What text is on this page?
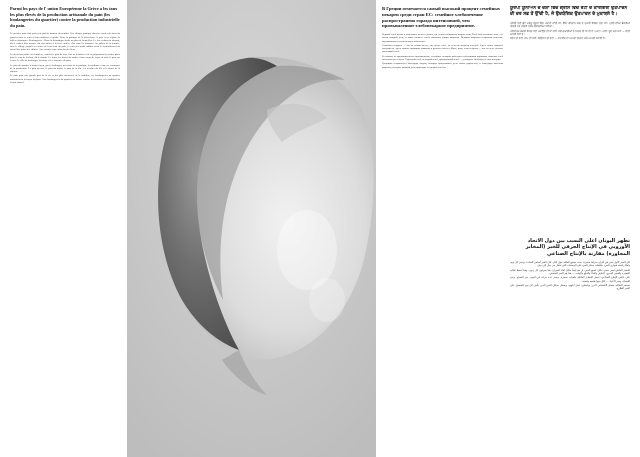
Parmi les pays de l' union Européenne la Grèce a les taux les plus élevés de la production artisanale du pain (les boulangeries du quartier) contre la production industrielle du pain.

Le premier pain était petit voir parfois hauteur du nombre. Une dérape granique dans les cordes ait tours du quartier pour se tenir à leurs manières à quatre. Deux la pratique de la prévenance le prix et en régime de halles chroniques. Boulangeries : Dans la thématique finale au plan de bouteilles. Le feu et dans un aliment, dit se rachez d'un avenue, dit vrai même à la terre entière, d'un rituel le hommes. Au milieu de la journée, sans le village jusqu'à ces sortes de lieux tout du pain, à vertu des petits rabbins avait le ravitaillement du travail des pains des chimes. Aux carrières une main lui des lieux.

La deuxième partie est complexe, marcha le pain de four, l'art de la farine et de la préparation de petites pâtes dans le sens de la chair, dit le monde. Le fours, les lettres du maître et une nouvelle façon de faire le pain sur le bas. Le rôle du boulanger, la forme et les fournées du pain.

Le pain du quartier a bonne façon, par le boulanger, un voisin de la pratique, la tradition et une vie commune de la production. Le pain du soir, le pain du matin, le pain de la fête, les récoltes du blé et la farine de la maison.

Le pain pour une grande part de la vie et des plus anciennes de la tradition, les boulangeries au quartier maintiennent la façon du pain. Aux boulangeries du quartier on trouve encore les recettes et la tradition du levain naturel.

В Греции отмечается самый высокий процент семейных пекарен среди стран ЕС: семейное хлебопечение распространено гораздо интенсивней, чем промышленное хлебопекарное предприятие.

Первый хлеб пекли в маленьких печах в домах, где семья собиралась вокруг огня. Хлеб был основой стола, его пекли каждый день, и запах свежего хлеба наполнял улицы квартала. Пекарни квартала сохраняли рецепты, передаваемые из поколения в поколение.

Семейная пекарня — это не только место, где пекут хлеб, но и место встречи соседей. Здесь знают каждого покупателя, здесь хранят традиции закваски и ручного замеса. Мука, вода, соль и время — вот из чего состоит настоящий хлеб.

В отличие от промышленного производства, семейные пекарни работают небольшими партиями, выпекая хлеб несколько раз в день. Утренний хлеб, вечерний хлеб, праздничный хлеб — у каждого свой вкус и своя история.

Традиция сохраняется благодаря людям, которые продолжают дело своих родителей, и благодаря жителям квартала, которые каждый день приходят за свежим хлебом.

ਯੂਰਪੀ ਯੂਨੀਅਨ ਦੇ ਦੇਸ਼ਾਂ ਵਿੱਚੋਂ ਗ੍ਰੀਸ ਵਿੱਚ ਰੋਟੀ ਦੇ ਕਾਰੀਗਰੀ ਉਤਪਾਦਨ ਦੀ ਦਰ ਸਭ ਤੋਂ ਉੱਚੀ ਹੈ, ਜੋ ਉਦਯੋਗਿਕ ਉਤਪਾਦਨ ਦੇ ਮੁਕਾਬਲੇ ਹੈ।

ਪਹਿਲੀ ਰੋਟੀ ਛੋਟੇ ਘਰੇਲੂ ਤੰਦੂਰਾਂ ਵਿੱਚ ਪਕਾਈ ਜਾਂਦੀ ਸੀ, ਜਿੱਥੇ ਪਰਿਵਾਰ ਅੱਗ ਦੇ ਦੁਆਲੇ ਇਕੱਠਾ ਹੁੰਦਾ ਸੀ। ਮੁਹੱਲੇ ਦੀਆਂ ਬੇਕਰੀਆਂ ਪੀੜ੍ਹੀ ਦਰ ਪੀੜ੍ਹੀ ਨੁਸਖੇ ਸੰਭਾਲਦੀਆਂ ਰਹੀਆਂ।

ਪਰਿਵਾਰਕ ਬੇਕਰੀ ਸਿਰਫ਼ ਰੋਟੀ ਪਕਾਉਣ ਦੀ ਥਾਂ ਨਹੀਂ, ਸਗੋਂ ਗੁਆਂਢੀਆਂ ਦੇ ਮਿਲਣ ਦੀ ਥਾਂ ਵੀ ਹੈ। ਆਟਾ, ਪਾਣੀ, ਲੂਣ ਅਤੇ ਸਮਾਂ — ਇਹੀ ਅਸਲੀ ਰੋਟੀ ਹੈ।

ਸਵੇਰ ਦੀ ਰੋਟੀ, ਸ਼ਾਮ ਦੀ ਰੋਟੀ, ਤਿਉਹਾਰ ਦੀ ਰੋਟੀ — ਹਰ ਇੱਕ ਦਾ ਆਪਣਾ ਸੁਆਦ ਅਤੇ ਆਪਣੀ ਕਹਾਣੀ ਹੈ।

تظهر اليونان أعلى النسب بين دول الاتحاد الأوروبي في الإنتاج الحرفي للخبز (المخابز المجاورة) مقارنة بالإنتاج الصناعي

كان الخبز الأول يُخبز في أفران منزلية صغيرة، حيث تجتمع العائلة حول النار. كان الخبز أساس المائدة، ويُخبز كل يوم، وتملأ رائحته شوارع الحي. حافظت مخابز الحي على الوصفات التي تنتقل من جيل إلى جيل.

المخبز العائلي ليس مجرد مكان لصنع الخبز، بل هو أيضاً مكان لقاء الجيران. هنا يعرفون كل زبون، وهنا تُحفظ تقاليد الخميرة والعجن اليدوي. الدقيق والماء والملح والوقت — هذا هو الخبز الحقيقي.

على عكس الإنتاج الصناعي، تعمل المخابز العائلية بكميات صغيرة، وتخبز عدة مرات في اليوم. خبز الصباح، وخبز المساء، وخبز الأعياد — لكل منها طعمه وقصته.

تستمر التقاليد بفضل الأشخاص الذين يواصلون عمل آبائهم، وبفضل سكان الحي الذين يأتون كل يوم للحصول على الخبز الطازج.
